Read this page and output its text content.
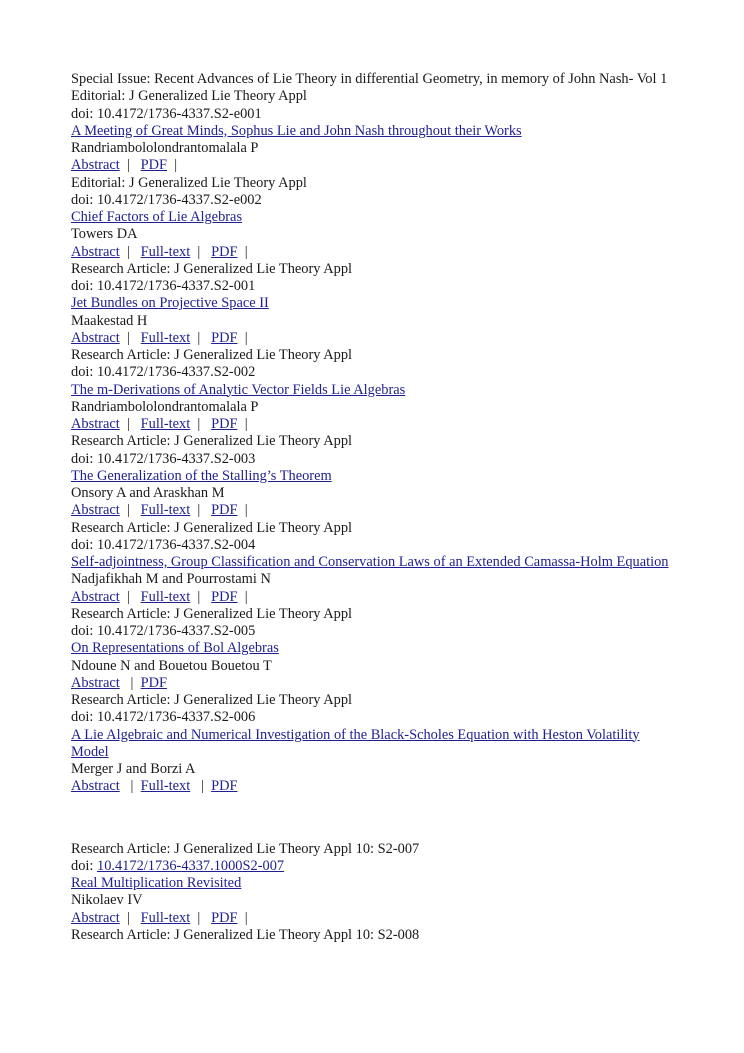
Special Issue: Recent Advances of Lie Theory in differential Geometry, in memory of John Nash- Vol 1
Editorial: J Generalized Lie Theory Appl
doi: 10.4172/1736-4337.S2-e001
A Meeting of Great Minds, Sophus Lie and John Nash throughout their Works
Randriambololondrantomalala P
Abstract  |   PDF  |
Editorial: J Generalized Lie Theory Appl
doi: 10.4172/1736-4337.S2-e002
Chief Factors of Lie Algebras
Towers DA
Abstract  |   Full-text  |   PDF  |
Research Article: J Generalized Lie Theory Appl
doi: 10.4172/1736-4337.S2-001
Jet Bundles on Projective Space II
Maakestad H
Abstract  |   Full-text  |   PDF  |
Research Article: J Generalized Lie Theory Appl
doi: 10.4172/1736-4337.S2-002
The m-Derivations of Analytic Vector Fields Lie Algebras
Randriambololondrantomalala P
Abstract  |   Full-text  |   PDF  |
Research Article: J Generalized Lie Theory Appl
doi: 10.4172/1736-4337.S2-003
The Generalization of the Stalling’s Theorem
Onsory A and Araskhan M
Abstract  |   Full-text  |   PDF  |
Research Article: J Generalized Lie Theory Appl
doi: 10.4172/1736-4337.S2-004
Self-adjointness, Group Classification and Conservation Laws of an Extended Camassa-Holm Equation
Nadjafikhah M and Pourrostami N
Abstract  |   Full-text  |   PDF  |
Research Article: J Generalized Lie Theory Appl
doi: 10.4172/1736-4337.S2-005
On Representations of Bol Algebras
Ndoune N and Bouetou Bouetou T
Abstract   |  PDF
Research Article: J Generalized Lie Theory Appl
doi: 10.4172/1736-4337.S2-006
A Lie Algebraic and Numerical Investigation of the Black-Scholes Equation with Heston Volatility Model
Merger J and Borzi A
Abstract   |  Full-text   |  PDF
Research Article: J Generalized Lie Theory Appl 10: S2-007
doi: 10.4172/1736-4337.1000S2-007
Real Multiplication Revisited
Nikolaev IV
Abstract  |   Full-text  |   PDF  |
Research Article: J Generalized Lie Theory Appl 10: S2-008
